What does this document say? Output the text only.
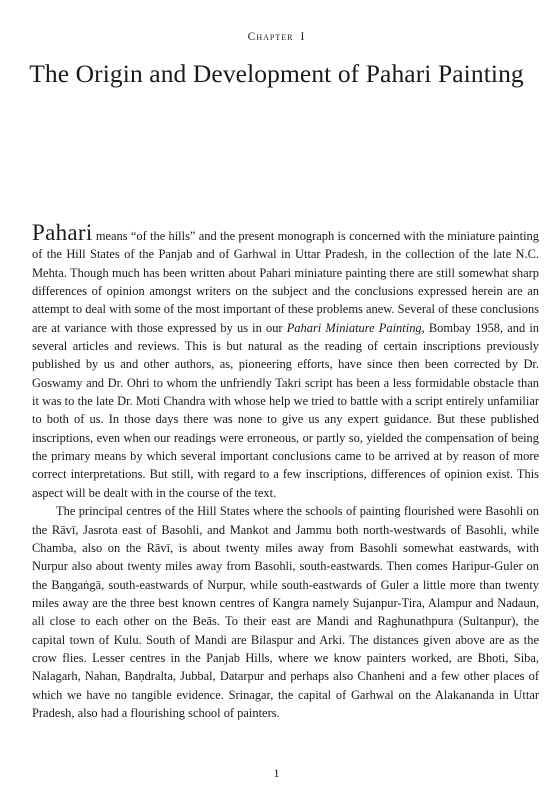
Chapter I
The Origin and Development of Pahari Painting

Pahari means “of the hills” and the present monograph is concerned with the miniature painting of the Hill States of the Panjab and of Garhwal in Uttar Pradesh, in the collection of the late N.C. Mehta. Though much has been written about Pahari miniature painting there are still somewhat sharp differences of opinion amongst writers on the subject and the conclusions expressed herein are an attempt to deal with some of the most important of these problems anew. Several of these conclusions are at variance with those expressed by us in our Pahari Miniature Painting, Bombay 1958, and in several articles and reviews. This is but natural as the reading of certain inscriptions previously published by us and other authors, as, pioneering efforts, have since then been corrected by Dr. Goswamy and Dr. Ohri to whom the unfriendly Takri script has been a less formidable obstacle than it was to the late Dr. Moti Chandra with whose help we tried to battle with a script entirely unfamiliar to both of us. In those days there was none to give us any expert guidance. But these published inscriptions, even when our readings were erroneous, or partly so, yielded the compensation of being the primary means by which several important conclusions came to be arrived at by reason of more correct interpretations. But still, with regard to a few inscriptions, differences of opinion exist. This aspect will be dealt with in the course of the text.

The principal centres of the Hill States where the schools of painting flourished were Basohli on the Rāvī, Jasrota east of Basohli, and Mankot and Jammu both north-westwards of Basohli, while Chamba, also on the Rāvī, is about twenty miles away from Basohli somewhat eastwards, with Nurpur also about twenty miles away from Basohli, south-eastwards. Then comes Haripur-Guler on the Baṇgaṅgā, south-eastwards of Nurpur, while south-eastwards of Guler a little more than twenty miles away are the three best known centres of Kangra namely Sujanpur-Tira, Alampur and Nadaun, all close to each other on the Beās. To their east are Mandi and Raghunathpura (Sultanpur), the capital town of Kulu. South of Mandi are Bilaspur and Arki. The distances given above are as the crow flies. Lesser centres in the Panjab Hills, where we know painters worked, are Bhoti, Siba, Nalagarh, Nahan, Baṇdralta, Jubbal, Datarpur and perhaps also Chanheni and a few other places of which we have no tangible evidence. Srinagar, the capital of Garhwal on the Alakananda in Uttar Pradesh, also had a flourishing school of painters.

1
